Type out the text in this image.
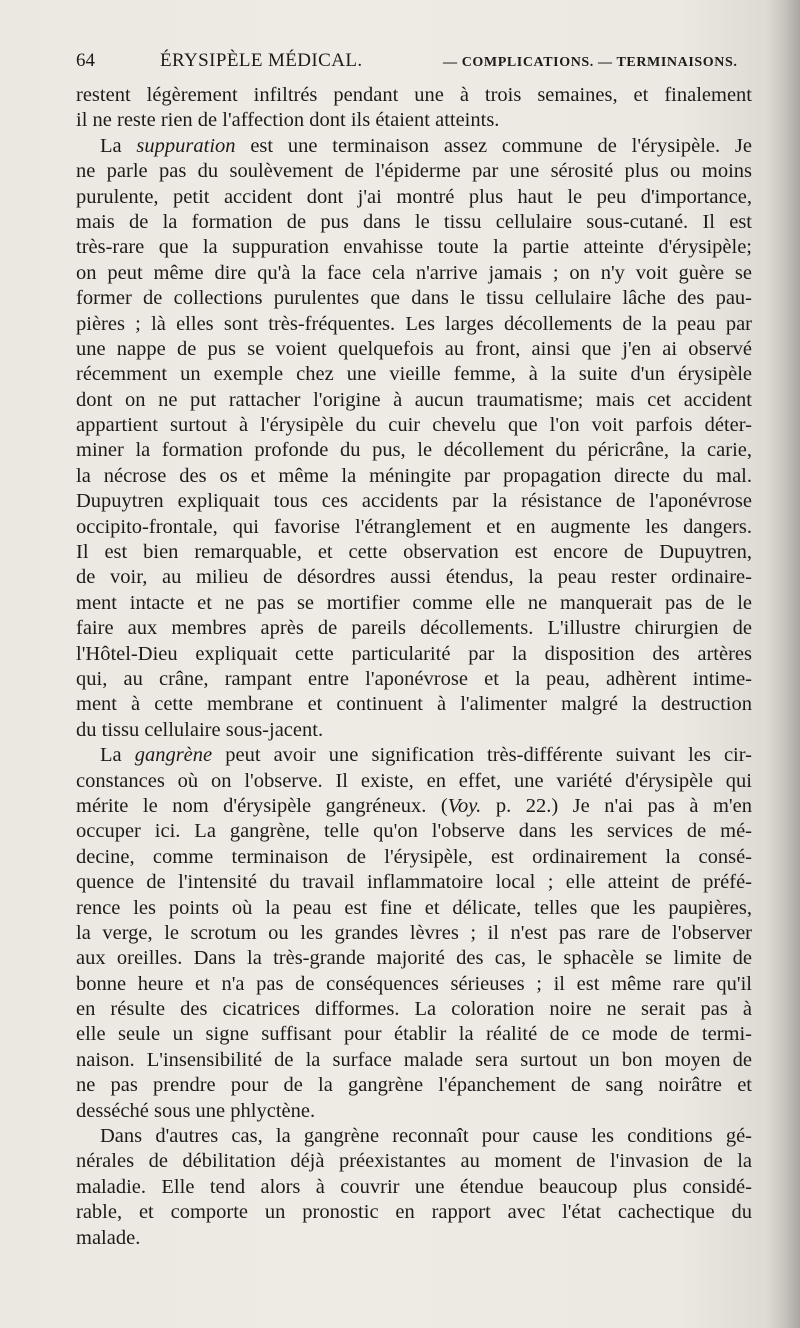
64	ÉRYSIPÈLE MÉDICAL.	— COMPLICATIONS. — TERMINAISONS.

restent légèrement infiltrés pendant une à trois semaines, et finalement
il ne reste rien de l'affection dont ils étaient atteints.

La suppuration est une terminaison assez commune de l'érysipèle. Je
ne parle pas du soulèvement de l'épiderme par une sérosité plus ou moins
purulente, petit accident dont j'ai montré plus haut le peu d'importance,
mais de la formation de pus dans le tissu cellulaire sous-cutané. Il est
très-rare que la suppuration envahisse toute la partie atteinte d'érysipèle;
on peut même dire qu'à la face cela n'arrive jamais ; on n'y voit guère se
former de collections purulentes que dans le tissu cellulaire lâche des pau-
pières ; là elles sont très-fréquentes. Les larges décollements de la peau par
une nappe de pus se voient quelquefois au front, ainsi que j'en ai observé
récemment un exemple chez une vieille femme, à la suite d'un érysipèle
dont on ne put rattacher l'origine à aucun traumatisme; mais cet accident
appartient surtout à l'érysipèle du cuir chevelu que l'on voit parfois déter-
miner la formation profonde du pus, le décollement du péricrâne, la carie,
la nécrose des os et même la méningite par propagation directe du mal.
Dupuytren expliquait tous ces accidents par la résistance de l'aponévrose
occipito-frontale, qui favorise l'étranglement et en augmente les dangers.
Il est bien remarquable, et cette observation est encore de Dupuytren,
de voir, au milieu de désordres aussi étendus, la peau rester ordinaire-
ment intacte et ne pas se mortifier comme elle ne manquerait pas de le
faire aux membres après de pareils décollements. L'illustre chirurgien de
l'Hôtel-Dieu expliquait cette particularité par la disposition des artères
qui, au crâne, rampant entre l'aponévrose et la peau, adhèrent intime-
ment à cette membrane et continuent à l'alimenter malgré la destruction
du tissu cellulaire sous-jacent.

La gangrène peut avoir une signification très-différente suivant les cir-
constances où on l'observe. Il existe, en effet, une variété d'érysipèle qui
mérite le nom d'érysipèle gangréneux. (Voy. p. 22.) Je n'ai pas à m'en
occuper ici. La gangrène, telle qu'on l'observe dans les services de mé-
decine, comme terminaison de l'érysipèle, est ordinairement la consé-
quence de l'intensité du travail inflammatoire local ; elle atteint de préfé-
rence les points où la peau est fine et délicate, telles que les paupières,
la verge, le scrotum ou les grandes lèvres ; il n'est pas rare de l'observer
aux oreilles. Dans la très-grande majorité des cas, le sphacèle se limite de
bonne heure et n'a pas de conséquences sérieuses ; il est même rare qu'il
en résulte des cicatrices difformes. La coloration noire ne serait pas à
elle seule un signe suffisant pour établir la réalité de ce mode de termi-
naison. L'insensibilité de la surface malade sera surtout un bon moyen de
ne pas prendre pour de la gangrène l'épanchement de sang noirâtre et
desséché sous une phlyctène.

Dans d'autres cas, la gangrène reconnaît pour cause les conditions gé-
nérales de débilitation déjà préexistantes au moment de l'invasion de la
maladie. Elle tend alors à couvrir une étendue beaucoup plus considé-
rable, et comporte un pronostic en rapport avec l'état cachectique du
malade.
